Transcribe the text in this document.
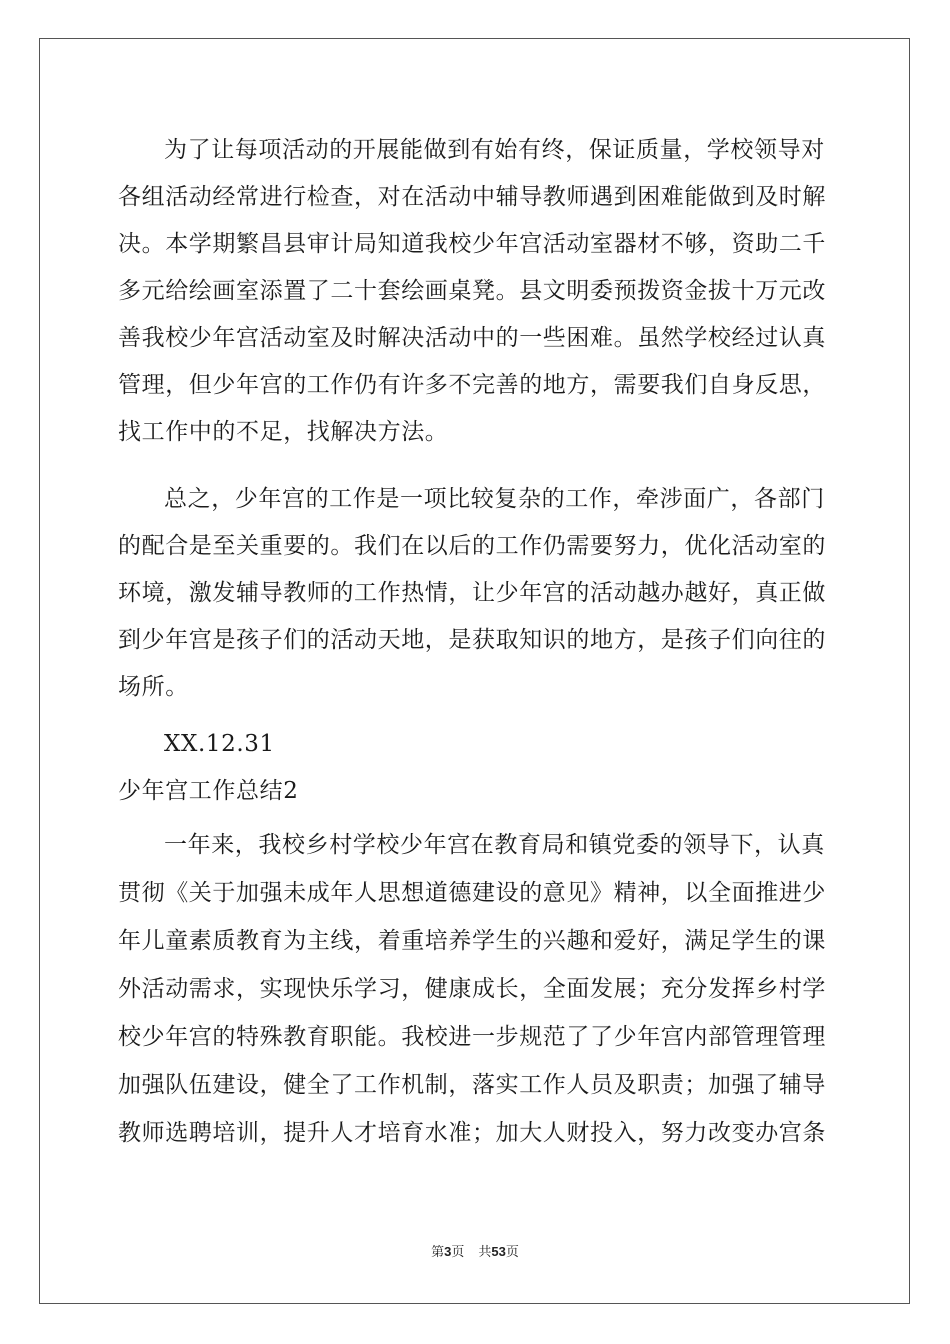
为了让每项活动的开展能做到有始有终，保证质量，学校领导对
各组活动经常进行检查，对在活动中辅导教师遇到困难能做到及时解
决。本学期繁昌县审计局知道我校少年宫活动室器材不够，资助二千
多元给绘画室添置了二十套绘画桌凳。县文明委预拨资金拔十万元改
善我校少年宫活动室及时解决活动中的一些困难。虽然学校经过认真
管理，但少年宫的工作仍有许多不完善的地方，需要我们自身反思，
找工作中的不足，找解决方法。
总之，少年宫的工作是一项比较复杂的工作，牵涉面广，各部门
的配合是至关重要的。我们在以后的工作仍需要努力，优化活动室的
环境，激发辅导教师的工作热情，让少年宫的活动越办越好，真正做
到少年宫是孩子们的活动天地，是获取知识的地方，是孩子们向往的
场所。
XX.12.31
少年宫工作总结2
一年来，我校乡村学校少年宫在教育局和镇党委的领导下，认真
贯彻《关于加强未成年人思想道德建设的意见》精神，以全面推进少
年儿童素质教育为主线，着重培养学生的兴趣和爱好，满足学生的课
外活动需求，实现快乐学习，健康成长，全面发展；充分发挥乡村学
校少年宫的特殊教育职能。我校进一步规范了了少年宫内部管理管理
加强队伍建设，健全了工作机制，落实工作人员及职责；加强了辅导
教师选聘培训，提升人才培育水准；加大人财投入，努力改变办宫条
第3页 共53页
